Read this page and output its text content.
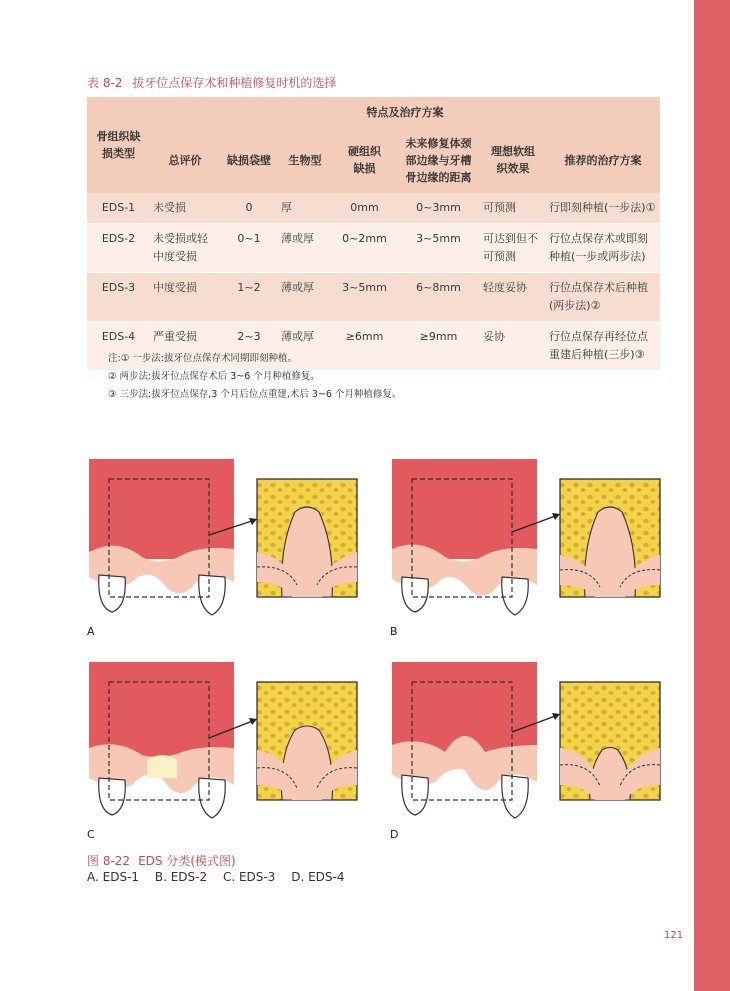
表 8-2 拔牙位点保存术和种植修复时机的选择
骨组织缺损类型	特点及治疗方案						
	总评价	缺损袋壁	生物型	硬组织缺损	未来修复体颈部边缘与牙槽骨边缘的距离	理想软组织效果	推荐的治疗方案
EDS-1	未受损	0	厚	0mm	0~3mm	可预测	行即刻种植(一步法)①
EDS-2	未受损或轻中度受损	0~1	薄或厚	0~2mm	3~5mm	可达到但不可预测	行位点保存术或即刻种植(一步或两步法)
EDS-3	中度受损	1~2	薄或厚	3~5mm	6~8mm	轻度妥协	行位点保存术后种植(两步法)②
EDS-4	严重受损	2~3	薄或厚	≥6mm	≥9mm	妥协	行位点保存再经位点重建后种植(三步)③
注:① 一步法:拔牙位点保存术同期即刻种植。
② 两步法:拔牙位点保存术后 3~6 个月种植修复。
③ 三步法:拔牙位点保存,3 个月后位点重建,术后 3~6 个月种植修复。
A	B
C	D
图 8-22 EDS 分类(模式图)
A. EDS-1 B. EDS-2 C. EDS-3 D. EDS-4
121
